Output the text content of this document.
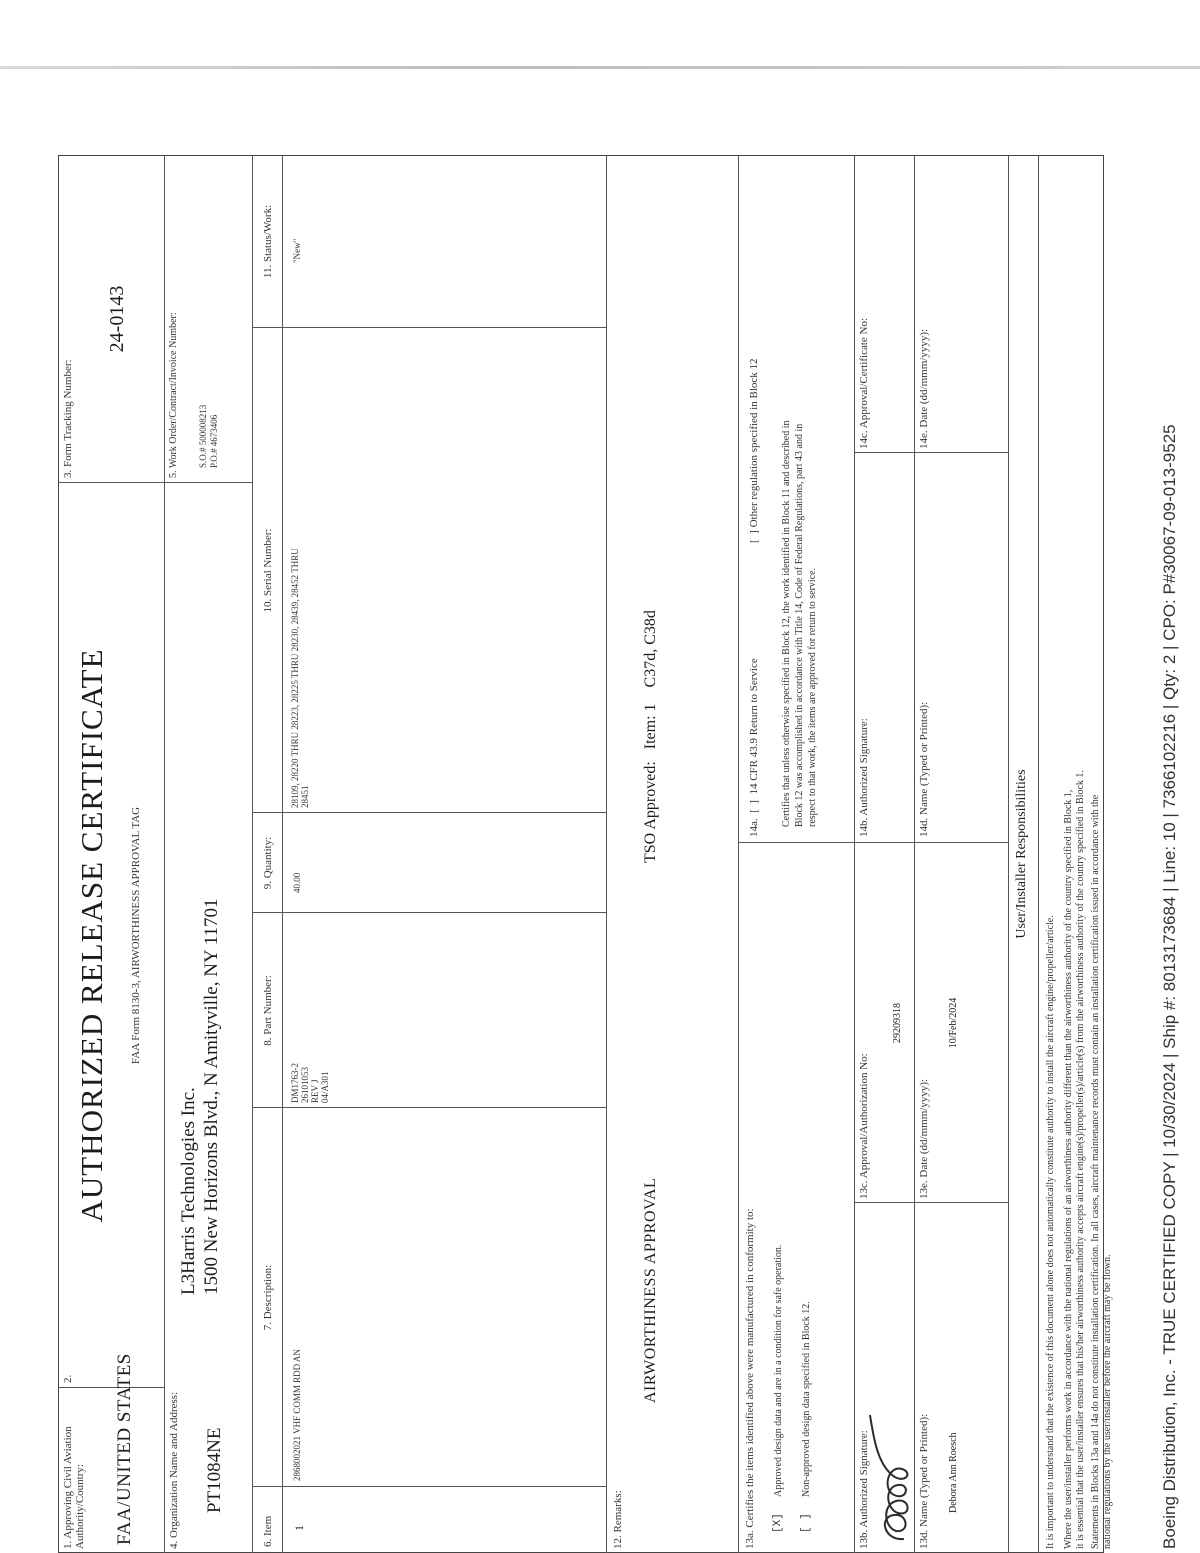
1. Approving Civil Aviation Authority/Country: FAA/UNITED STATES
2.
AUTHORIZED RELEASE CERTIFICATE FAA Form 8130-3, AIRWORTHINESS APPROVAL TAG
3. Form Tracking Number:
24-0143
4. Organization Name and Address: PT1084NE
L3Harris Technologies Inc. 1500 New Horizons Blvd., N Amityville, NY 11701
5. Work Order/Contract/Invoice Number: S.O.# 500008213 P.O.# 4673406
6. Item
7. Description:
8. Part Number:
9. Quantity:
10. Serial Number:
11. Status/Work:
1
2868002021 VHF COMM RDD AN
DM1763-2 26101053 REV J 04/A301
40.00
28109, 28220 THRU 28223, 28225 THRU 28230, 28439, 28452 THRU 28451
"New"
12. Remarks:
AIRWORTHINESS APPROVAL
TSO Approved:   Item: 1    C37d, C38d
13a. Certifies the items identified above were manufactured in conformity to: [X]
Approved design data and are in a condition for safe operation.
[ ]
Non-approved design data specified in Block 12.
14a.  [  ]  14 CFR 43.9 Return to Service
[  ] Other regulation specified in Block 12 Certifies that unless otherwise specified in Block 12, the work identified in Block 11 and described in Block 12 was accomplished in accordance with Title 14, Code of Federal Regulations, part 43 and in respect to that work, the items are approved for return to service.
13b. Authorized Signature:
13c. Approval/Authorization No:
29209318
14b. Authorized Signature:
14c. Approval/Certificate No:
13d. Name (Typed or Printed): Debora Ann Roesch
13e. Date (dd/mmm/yyyy):
10/Feb/2024
14d. Name (Typed or Printed):
14e. Date (dd/mmm/yyyy):
User/Installer Responsibilities
It is important to understand that the existence of this document alone does not automatically constitute authority to install the aircraft engine/propeller/article. Where the user/installer performs work in accordance with the national regulations of an airworthiness authority different than the airworthiness authority of the country specified in Block 1, it is essential that the user/installer ensures that his/her airworthiness authority accepts aircraft engine(s)/propeller(s)/article(s) from the airworthiness authority of the country specified in Block 1. Statements in Blocks 13a and 14a do not constitute installation certification. In all cases, aircraft maintenance records must contain an installation certification issued in accordance with the national regulations by the user/installer before the aircraft may be flown.	Boeing Distribution, Inc. - TRUE CERTIFIED COPY | 10/30/2024 | Ship #: 8013173684 | Line: 10 | 7366102216 | Qty: 2 | CPO: P#30067-09-013-9525
